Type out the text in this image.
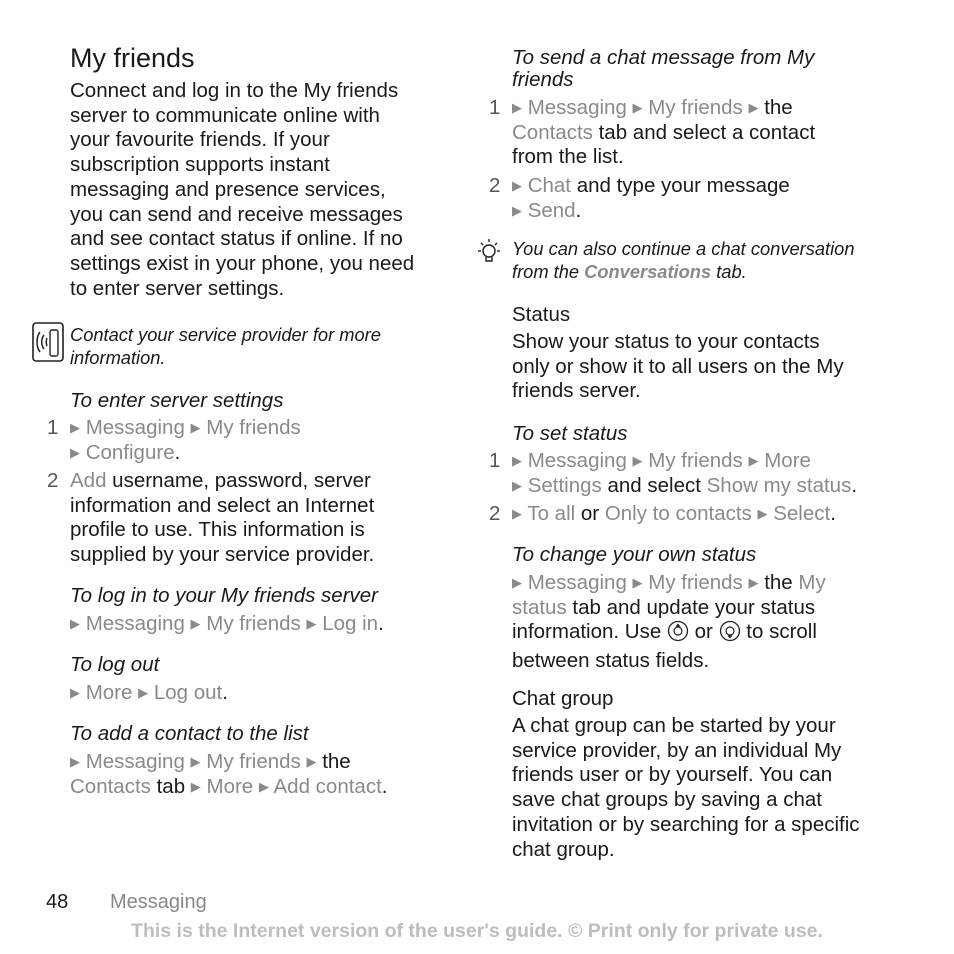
My friends
Connect and log in to the My friends
server to communicate online with
your favourite friends. If your
subscription supports instant
messaging and presence services,
you can send and receive messages
and see contact status if online. If no
settings exist in your phone, you need
to enter server settings.
Contact your service provider for more
information.
To enter server settings
1 ▶ Messaging ▶ My friends
▶ Configure.
2 Add username, password, server
information and select an Internet
profile to use. This information is
supplied by your service provider.
To log in to your My friends server
▶ Messaging ▶ My friends ▶ Log in.
To log out
▶ More ▶ Log out.
To add a contact to the list
▶ Messaging ▶ My friends ▶ the
Contacts tab ▶ More ▶ Add contact.
To send a chat message from My
friends
1 ▶ Messaging ▶ My friends ▶ the
Contacts tab and select a contact
from the list.
2 ▶ Chat and type your message
▶ Send.
You can also continue a chat conversation
from the Conversations tab.
Status
Show your status to your contacts
only or show it to all users on the My
friends server.
To set status
1 ▶ Messaging ▶ My friends ▶ More
▶ Settings and select Show my status.
2 ▶ To all or Only to contacts ▶ Select.
To change your own status
▶ Messaging ▶ My friends ▶ the My
status tab and update your status
information. Use  or  to scroll
between status fields.
Chat group
A chat group can be started by your
service provider, by an individual My
friends user or by yourself. You can
save chat groups by saving a chat
invitation or by searching for a specific
chat group.
48 Messaging
This is the Internet version of the user's guide. © Print only for private use.
